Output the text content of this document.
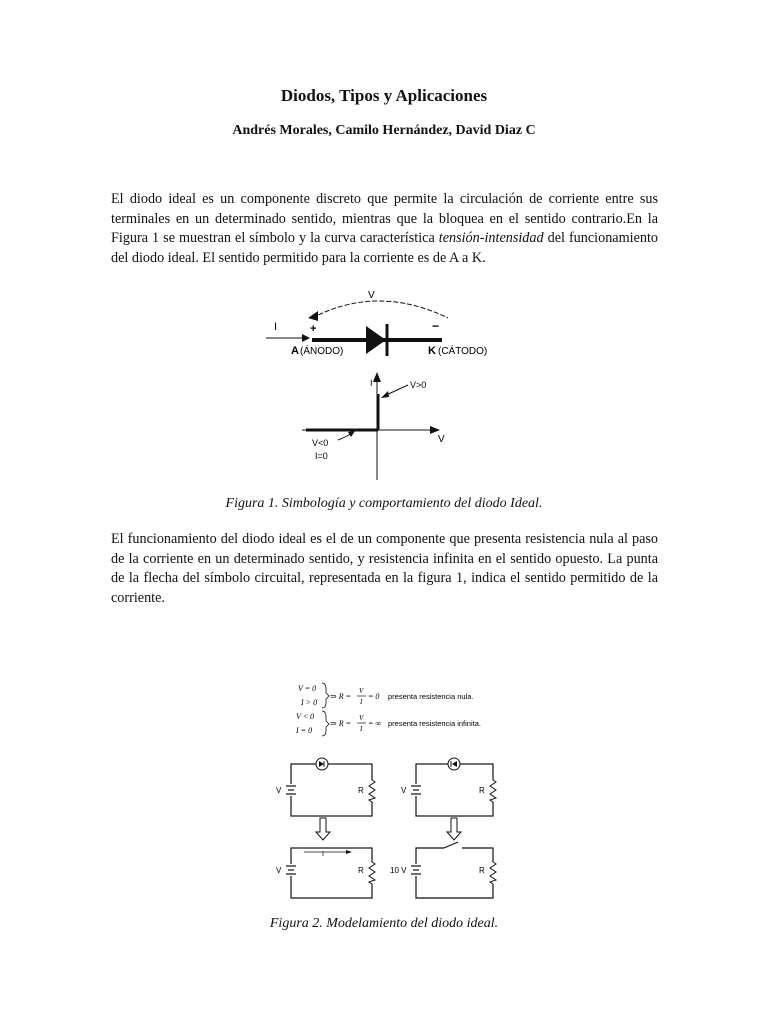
Diodos, Tipos y Aplicaciones
Andrés Morales, Camilo Hernández, David Diaz C

El diodo ideal es un componente discreto que permite la circulación de corriente entre sus terminales en un determinado sentido, mientras que la bloquea en el sentido contrario.En la Figura 1 se muestran el símbolo y la curva característica tensión-intensidad del funcionamiento del diodo ideal. El sentido permitido para la corriente es de A a K.

V
I	+	−
A (ÁNODO)	K (CÁTODO)
I
V
V>0
V<0
I=0
Figura 1. Simbología y comportamiento del diodo Ideal.

El funcionamiento del diodo ideal es el de un componente que presenta resistencia nula al paso de la corriente en un determinado sentido, y resistencia infinita en el sentido opuesto. La punta de la flecha del símbolo circuital, representada en la figura 1, indica el sentido permitido de la corriente.

V = 0
I > 0
⇒ R =
V
I
= 0 presenta resistencia nula.
V < 0
I = 0
⇒ R =
V
I
= ∞ presenta resistencia infinita.
V	R	V	R
I
V	R	10 V	R
Figura 2. Modelamiento del diodo ideal.
